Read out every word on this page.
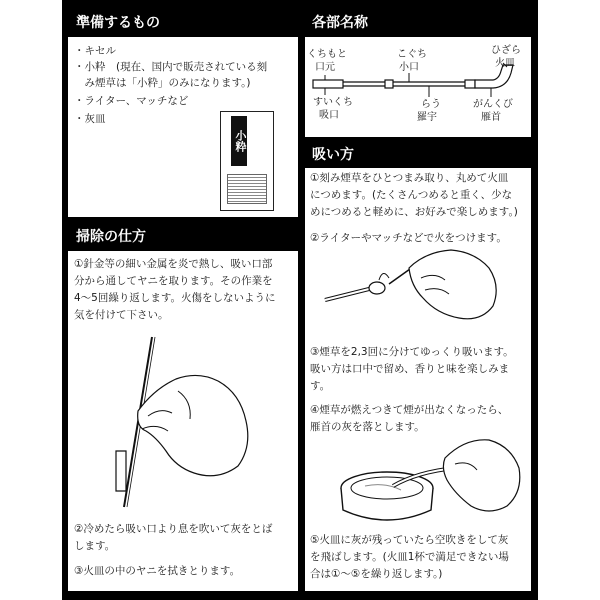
準備するもの
・キセル
・小粋　(現在、国内で販売されている刻
　み煙草は「小粋」のみになります。)
・ライター、マッチなど
・灰皿
小粋
各部名称
くちもと
口元
こぐち
小口
ひざら
火皿
すいくち
吸口
らう
羅宇
がんくび
雁首
掃除の仕方
①針金等の細い金属を炎で熱し、吸い口部
分から通してヤニを取ります。その作業を
4～5回繰り返します。火傷をしないように
気を付けて下さい。
②冷めたら吸い口より息を吹いて灰をとば
します。
③火皿の中のヤニを拭きとります。
吸い方
①刻み煙草をひとつまみ取り、丸めて火皿
につめます。(たくさんつめると重く、少な
めにつめると軽めに、お好みで楽しめます。)
②ライターやマッチなどで火をつけます。
③煙草を2,3回に分けてゆっくり吸います。
吸い方は口中で留め、香りと味を楽しみま
す。
④煙草が燃えつきて煙が出なくなったら、
雁首の灰を落とします。
⑤火皿に灰が残っていたら空吹きをして灰
を飛ばします。(火皿1杯で満足できない場
合は①～⑤を繰り返します。)
